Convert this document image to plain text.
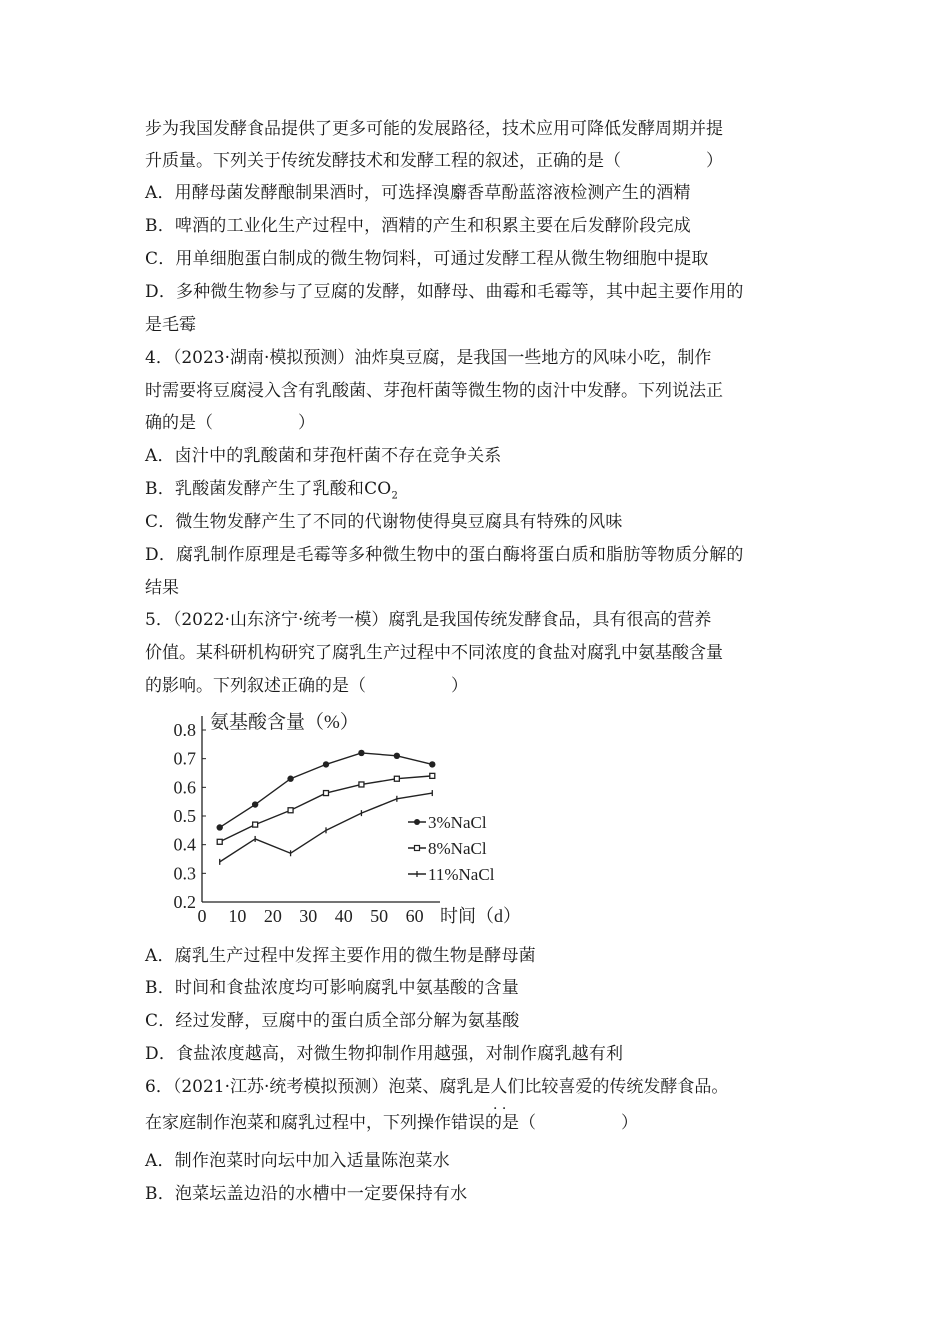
步为我国发酵食品提供了更多可能的发展路径，技术应用可降低发酵周期并提
升质量。下列关于传统发酵技术和发酵工程的叙述，正确的是（　　　　　）
A．用酵母菌发酵酿制果酒时，可选择溴麝香草酚蓝溶液检测产生的酒精
B．啤酒的工业化生产过程中，酒精的产生和积累主要在后发酵阶段完成
C．用单细胞蛋白制成的微生物饲料，可通过发酵工程从微生物细胞中提取
D．多种微生物参与了豆腐的发酵，如酵母、曲霉和毛霉等，其中起主要作用的
是毛霉
4．（2023·湖南·模拟预测）油炸臭豆腐，是我国一些地方的风味小吃，制作
时需要将豆腐浸入含有乳酸菌、芽孢杆菌等微生物的卤汁中发酵。下列说法正
确的是（　　　　　）
A．卤汁中的乳酸菌和芽孢杆菌不存在竞争关系
B．乳酸菌发酵产生了乳酸和$CO_2$
C．微生物发酵产生了不同的代谢物使得臭豆腐具有特殊的风味
D．腐乳制作原理是毛霉等多种微生物中的蛋白酶将蛋白质和脂肪等物质分解的
结果
5．（2022·山东济宁·统考一模）腐乳是我国传统发酵食品，具有很高的营养
价值。某科研机构研究了腐乳生产过程中不同浓度的食盐对腐乳中氨基酸含量
的影响。下列叙述正确的是（　　　　　）
0.2
0.3
0.4
0.5
0.6
0.7
0.8
0 10 20 30 40 50 60
氨基酸含量（%）
时间（d）
3%NaCl
8%NaCl
11%NaCl
A．腐乳生产过程中发挥主要作用的微生物是酵母菌
B．时间和食盐浓度均可影响腐乳中氨基酸的含量
C．经过发酵，豆腐中的蛋白质全部分解为氨基酸
D．食盐浓度越高，对微生物抑制作用越强，对制作腐乳越有利
6．（2021·江苏·统考模拟预测）泡菜、腐乳是人们比较喜爱的传统发酵食品。
· ·
在家庭制作泡菜和腐乳过程中，下列操作错误的是（　　　　　）
A．制作泡菜时向坛中加入适量陈泡菜水
B．泡菜坛盖边沿的水槽中一定要保持有水
